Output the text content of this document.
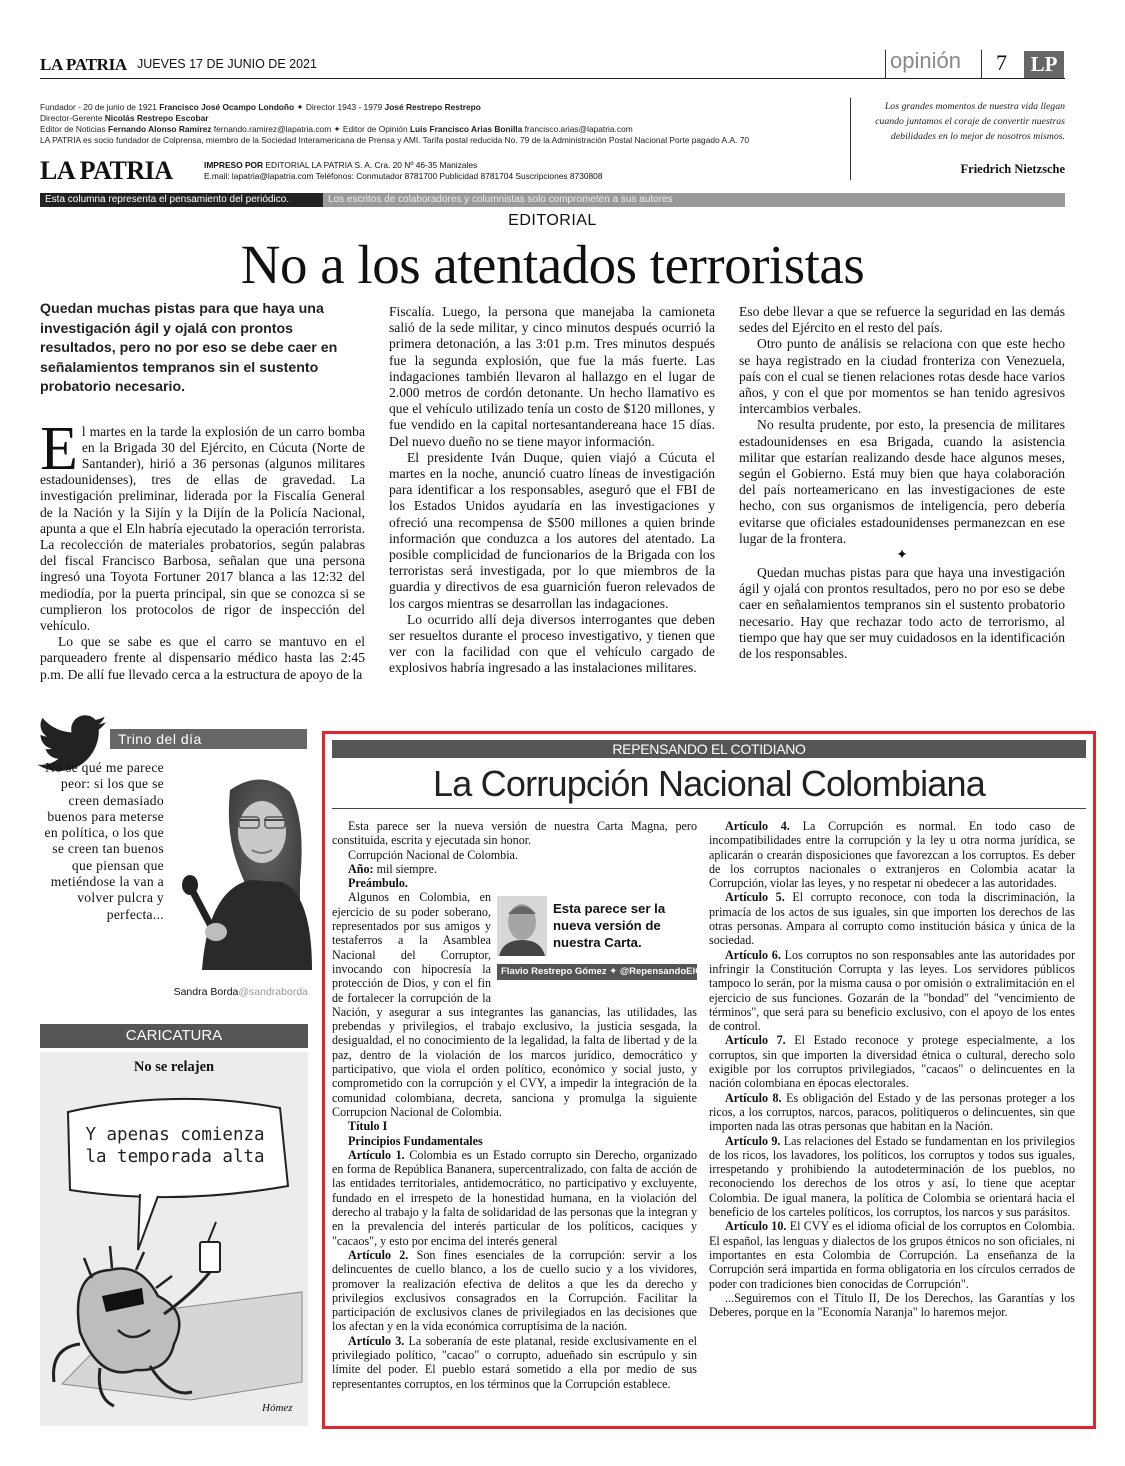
LA PATRIA JUEVES 17 DE JUNIO DE 2021	opinión 7	LP
Fundador - 20 de junio de 1921 Francisco José Ocampo Londoño ✦ Director 1943 - 1979 José Restrepo Restrepo
Director-Gerente Nicolás Restrepo Escobar
Editor de Noticias Fernando Alonso Ramírez fernando.ramirez@lapatria.com ✦ Editor de Opinión Luis Francisco Arias Bonilla francisco.arias@lapatria.com
LA PATRIA es socio fundador de Colprensa, miembro de la Sociedad Interamericana de Prensa y AMI. Tarifa postal reducida No. 79 de la Administración Postal Nacional Porte pagado A.A. 70
LA PATRIA	IMPRESO POR EDITORIAL LA PATRIA S. A. Cra. 20 Nº 46-35 Manizales
E.mail: lapatria@lapatria.com Teléfonos: Conmutador 8781700 Publicidad 8781704 Suscripciones 8730808
Los grandes momentos de nuestra vida llegan cuando juntamos el coraje de convertir nuestras debilidades en lo mejor de nosotros mismos.
Friedrich Nietzsche
Esta columna representa el pensamiento del periódico.	Los escritos de colaboradores y columnistas solo comprometen a sus autores
EDITORIAL
No a los atentados terroristas
Quedan muchas pistas para que haya una investigación ágil y ojalá con prontos resultados, pero no por eso se debe caer en señalamientos tempranos sin el sustento probatorio necesario.

El martes en la tarde la explosión de un carro bomba en la Brigada 30 del Ejército, en Cúcuta (Norte de Santander), hirió a 36 personas (algunos militares estadounidenses), tres de ellas de gravedad. La investigación preliminar, liderada por la Fiscalía General de la Nación y la Sijín y la Dijín de la Policía Nacional, apunta a que el Eln habría ejecutado la operación terrorista. La recolección de materiales probatorios, según palabras del fiscal Francisco Barbosa, señalan que una persona ingresó una Toyota Fortuner 2017 blanca a las 12:32 del mediodía, por la puerta principal, sin que se conozca si se cumplieron los protocolos de rigor de inspección del vehículo.

Lo que se sabe es que el carro se mantuvo en el parqueadero frente al dispensario médico hasta las 2:45 p.m. De allí fue llevado cerca a la estructura de apoyo de la

Fiscalía. Luego, la persona que manejaba la camioneta salió de la sede militar, y cinco minutos después ocurrió la primera detonación, a las 3:01 p.m. Tres minutos después fue la segunda explosión, que fue la más fuerte. Las indagaciones también llevaron al hallazgo en el lugar de 2.000 metros de cordón detonante. Un hecho llamativo es que el vehículo utilizado tenía un costo de $120 millones, y fue vendido en la capital nortesantandereana hace 15 días. Del nuevo dueño no se tiene mayor información.

El presidente Iván Duque, quien viajó a Cúcuta el martes en la noche, anunció cuatro líneas de investigación para identificar a los responsables, aseguró que el FBI de los Estados Unidos ayudaría en las investigaciones y ofreció una recompensa de $500 millones a quien brinde información que conduzca a los autores del atentado. La posible complicidad de funcionarios de la Brigada con los terroristas será investigada, por lo que miembros de la guardia y directivos de esa guarnición fueron relevados de los cargos mientras se desarrollan las indagaciones.

Lo ocurrido allí deja diversos interrogantes que deben ser resueltos durante el proceso investigativo, y tienen que ver con la facilidad con que el vehículo cargado de explosivos habría ingresado a las instalaciones militares.

Eso debe llevar a que se refuerce la seguridad en las demás sedes del Ejército en el resto del país.

Otro punto de análisis se relaciona con que este hecho se haya registrado en la ciudad fronteriza con Venezuela, país con el cual se tienen relaciones rotas desde hace varios años, y con el que por momentos se han tenido agresivos intercambios verbales.

No resulta prudente, por esto, la presencia de militares estadounidenses en esa Brigada, cuando la asistencia militar que estarían realizando desde hace algunos meses, según el Gobierno. Está muy bien que haya colaboración del país norteamericano en las investigaciones de este hecho, con sus organismos de inteligencia, pero debería evitarse que oficiales estadounidenses permanezcan en ese lugar de la frontera.

✦

Quedan muchas pistas para que haya una investigación ágil y ojalá con prontos resultados, pero no por eso se debe caer en señalamientos tempranos sin el sustento probatorio necesario. Hay que rechazar todo acto de terrorismo, al tiempo que hay que ser muy cuidadosos en la identificación de los responsables.

Trino del día
No se qué me parece peor: si los que se creen demasiado buenos para meterse en política, o los que se creen tan buenos que piensan que metiéndose la van a volver pulcra y perfecta...
Sandra Borda@sandraborda
CARICATURA
No se relajen
Y apenas comienza la temporada alta
Hómez
REPENSANDO EL COTIDIANO
La Corrupción Nacional Colombiana

Esta parece ser la nueva versión de nuestra Carta Magna, pero constituida, escrita y ejecutada sin honor.

Corrupción Nacional de Colombia.

Año: mil siempre.

Preámbulo.

Esta parece ser la nueva versión de nuestra Carta.
Flavio Restrepo Gómez ✦ @RepensandoElCot

Algunos en Colombia, en ejercicio de su poder soberano, representados por sus amigos y testaferros a la Asamblea Nacional del Corruptor, invocando con hipocresía la protección de Dios, y con el fin de fortalecer la corrupción de la Nación, y asegurar a sus integrantes las ganancias, las utilidades, las prebendas y privilegios, el trabajo exclusivo, la justicia sesgada, la desigualdad, el no conocimiento de la legalidad, la falta de libertad y de la paz, dentro de la violación de los marcos jurídico, democrático y participativo, que viola el orden político, económico y social justo, y comprometido con la corrupción y el CVY, a impedir la integración de la comunidad colombiana, decreta, sanciona y promulga la siguiente Corrupcion Nacional de Colombia.

Título I

Principios Fundamentales

Artículo 1. Colombia es un Estado corrupto sin Derecho, organizado en forma de República Bananera, supercentralizado, con falta de acción de las entidades territoriales, antidemocrático, no participativo y excluyente, fundado en el irrespeto de la honestidad humana, en la violación del derecho al trabajo y la falta de solidaridad de las personas que la integran y en la prevalencia del interés particular de los políticos, caciques y "cacaos", y esto por encima del interés general

Artículo 2. Son fines esenciales de la corrupción: servir a los delincuentes de cuello blanco, a los de cuello sucio y a los vividores, promover la realización efectiva de delitos a que les da derecho y privilegios exclusivos consagrados en la Corrupción. Facilitar la participación de exclusivos clanes de privilegiados en las decisiones que los afectan y en la vida económica corruptísima de la nación.

Artículo 3. La soberanía de este platanal, reside exclusivamente en el privilegiado político, "cacao" o corrupto, adueñado sin escrúpulo y sin límite del poder. El pueblo estará sometido a ella por medio de sus representantes corruptos, en los términos que la Corrupción establece.

Artículo 4. La Corrupción es normal. En todo caso de incompatibilidades entre la corrupción y la ley u otra norma jurídica, se aplicarán o crearán disposiciones que favorezcan a los corruptos. Es deber de los corruptos nacionales o extranjeros en Colombia acatar la Corrupción, violar las leyes, y no respetar ni obedecer a las autoridades.

Artículo 5. El corrupto reconoce, con toda la discriminación, la primacía de los actos de sus iguales, sin que importen los derechos de las otras personas. Ampara al corrupto como institución básica y única de la sociedad.

Artículo 6. Los corruptos no son responsables ante las autoridades por infringir la Constitución Corrupta y las leyes. Los servidores públicos tampoco lo serán, por la misma causa o por omisión o extralimitación en el ejercicio de sus funciones. Gozarán de la "bondad" del "vencimiento de términos", que será para su beneficio exclusivo, con el apoyo de los entes de control.

Artículo 7. El Estado reconoce y protege especialmente, a los corruptos, sin que importen la diversidad étnica o cultural, derecho solo exigible por los corruptos privilegiados, "cacaos" o delincuentes en la nación colombiana en épocas electorales.

Artículo 8. Es obligación del Estado y de las personas proteger a los ricos, a los corruptos, narcos, paracos, politiqueros o delincuentes, sin que importen nada las otras personas que habitan en la Nación.

Artículo 9. Las relaciones del Estado se fundamentan en los privilegios de los ricos, los lavadores, los políticos, los corruptos y todos sus iguales, irrespetando y prohibiendo la autodeterminación de los pueblos, no reconociendo los derechos de los otros y así, lo tiene que aceptar Colombia. De igual manera, la política de Colombia se orientará hacia el beneficio de los carteles políticos, los corruptos, los narcos y sus parásitos.

Artículo 10. El CVY es el idioma oficial de los corruptos en Colombia. El español, las lenguas y dialectos de los grupos étnicos no son oficiales, ni importantes en esta Colombia de Corrupción. La enseñanza de la Corrupción será impartida en forma obligatoria en los círculos cerrados de poder con tradiciones bien conocidas de Corrupción".

...Seguiremos con el Título II, De los Derechos, las Garantías y los Deberes, porque en la "Economía Naranja" lo haremos mejor.
